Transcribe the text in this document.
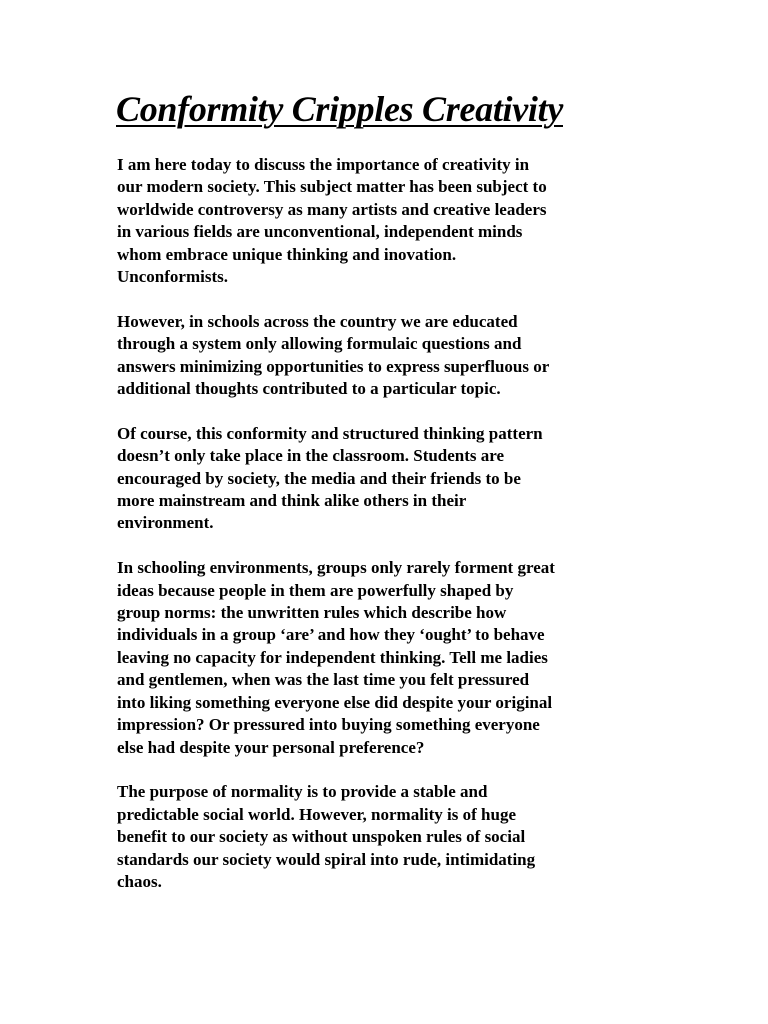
Conformity Cripples Creativity

I am here today to discuss the importance of creativity in
our modern society. This subject matter has been subject to
worldwide controversy as many artists and creative leaders
in various fields are unconventional, independent minds
whom embrace unique thinking and inovation.
Unconformists.

However, in schools across the country we are educated
through a system only allowing formulaic questions and
answers minimizing opportunities to express superfluous or
additional thoughts contributed to a particular topic.

Of course, this conformity and structured thinking pattern
doesn’t only take place in the classroom. Students are
encouraged by society, the media and their friends to be
more mainstream and think alike others in their
environment.

In schooling environments, groups only rarely forment great
ideas because people in them are powerfully shaped by
group norms: the unwritten rules which describe how
individuals in a group ‘are’ and how they ‘ought’ to behave
leaving no capacity for independent thinking. Tell me ladies
and gentlemen, when was the last time you felt pressured
into liking something everyone else did despite your original
impression? Or pressured into buying something everyone
else had despite your personal preference?

The purpose of normality is to provide a stable and
predictable social world. However, normality is of huge
benefit to our society as without unspoken rules of social
standards our society would spiral into rude, intimidating
chaos.
